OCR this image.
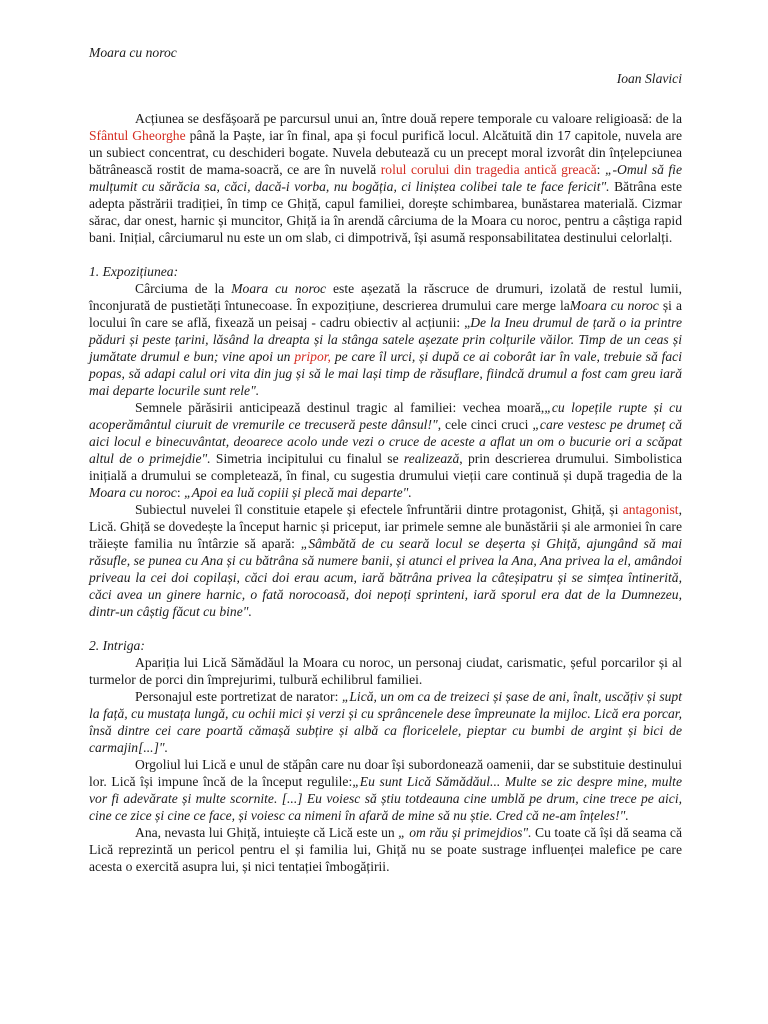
Moara cu noroc
Ioan Slavici

Acțiunea se desfășoară pe parcursul unui an, între două repere temporale cu valoare religioasă: de la Sfântul Gheorghe până la Paște, iar în final, apa și focul purifică locul. Alcătuită din 17 capitole, nuvela are un subiect concentrat, cu deschideri bogate. Nuvela debutează cu un precept moral izvorât din înțelepciunea bătrânească rostit de mama-soacră, ce are în nuvelă rolul corului din tragedia antică greacă: „-Omul să fie mulțumit cu sărăcia sa, căci, dacă-i vorba, nu bogăția, ci liniștea colibei tale te face fericit". Bătrâna este adepta păstrării tradiției, în timp ce Ghiță, capul familiei, dorește schimbarea, bunăstarea materială. Cizmar sărac, dar onest, harnic și muncitor, Ghiță ia în arendă cârciuma de la Moara cu noroc, pentru a câștiga rapid bani. Inițial, cârciumarul nu este un om slab, ci dimpotrivă, își asumă responsabilitatea destinului celorlalți.

1. Expozițiunea:

Cârciuma de la Moara cu noroc este așezată la răscruce de drumuri, izolată de restul lumii, înconjurată de pustietăți întunecoase. În expozițiune, descrierea drumului care merge laMoara cu noroc și a locului în care se află, fixează un peisaj - cadru obiectiv al acțiunii: „De la Ineu drumul de țară o ia printre păduri și peste țarini, lăsând la dreapta și la stânga satele așezate prin colțurile văilor. Timp de un ceas și jumătate drumul e bun; vine apoi un pripor, pe care îl urci, și după ce ai coborât iar în vale, trebuie să faci popas, să adapi calul ori vita din jug și să le mai lași timp de răsuflare, fiindcă drumul a fost cam greu iară mai departe locurile sunt rele".

Semnele părăsirii anticipează destinul tragic al familiei: vechea moară,„cu lopețile rupte și cu acoperământul ciuruit de vremurile ce trecuseră peste dânsul!", cele cinci cruci „care vestesc pe drumeț că aici locul e binecuvântat, deoarece acolo unde vezi o cruce de aceste a aflat un om o bucurie ori a scăpat altul de o primejdie". Simetria incipitului cu finalul se realizează, prin descrierea drumului. Simbolistica inițială a drumului se completează, în final, cu sugestia drumului vieții care continuă și după tragedia de la Moara cu noroc: „Apoi ea luă copiii și plecă mai departe".

Subiectul nuvelei îl constituie etapele și efectele înfruntării dintre protagonist, Ghiță, și antagonist, Lică. Ghiță se dovedește la început harnic și priceput, iar primele semne ale bunăstării și ale armoniei în care trăiește familia nu întârzie să apară: „Sâmbătă de cu seară locul se deșerta și Ghiță, ajungând să mai răsufle, se punea cu Ana și cu bătrâna să numere banii, și atunci el privea la Ana, Ana privea la el, amândoi priveau la cei doi copilași, căci doi erau acum, iară bătrâna privea la câteșipatru și se simțea întinerită, căci avea un ginere harnic, o fată norocoasă, doi nepoți sprinteni, iară sporul era dat de la Dumnezeu, dintr-un câștig făcut cu bine".

2. Intriga:

Apariția lui Lică Sămădăul la Moara cu noroc, un personaj ciudat, carismatic, șeful porcarilor și al turmelor de porci din împrejurimi, tulbură echilibrul familiei.

Personajul este portretizat de narator: „Lică, un om ca de treizeci și șase de ani, înalt, uscățiv și supt la față, cu mustața lungă, cu ochii mici și verzi și cu sprâncenele dese împreunate la mijloc. Lică era porcar, însă dintre cei care poartă cămașă subțire și albă ca floricelele, pieptar cu bumbi de argint și bici de carmajin[...]".

Orgoliul lui Lică e unul de stăpân care nu doar își subordonează oamenii, dar se substituie destinului lor. Lică își impune încă de la început regulile:„Eu sunt Lică Sămădăul... Multe se zic despre mine, multe vor fi adevărate și multe scornite. [...] Eu voiesc să știu totdeauna cine umblă pe drum, cine trece pe aici, cine ce zice și cine ce face, și voiesc ca nimeni în afară de mine să nu știe. Cred că ne-am înțeles!".

Ana, nevasta lui Ghiță, intuiește că Lică este un „ om rău și primejdios". Cu toate că își dă seama că Lică reprezintă un pericol pentru el și familia lui, Ghiță nu se poate sustrage influenței malefice pe care acesta o exercită asupra lui, și nici tentației îmbogățirii.
